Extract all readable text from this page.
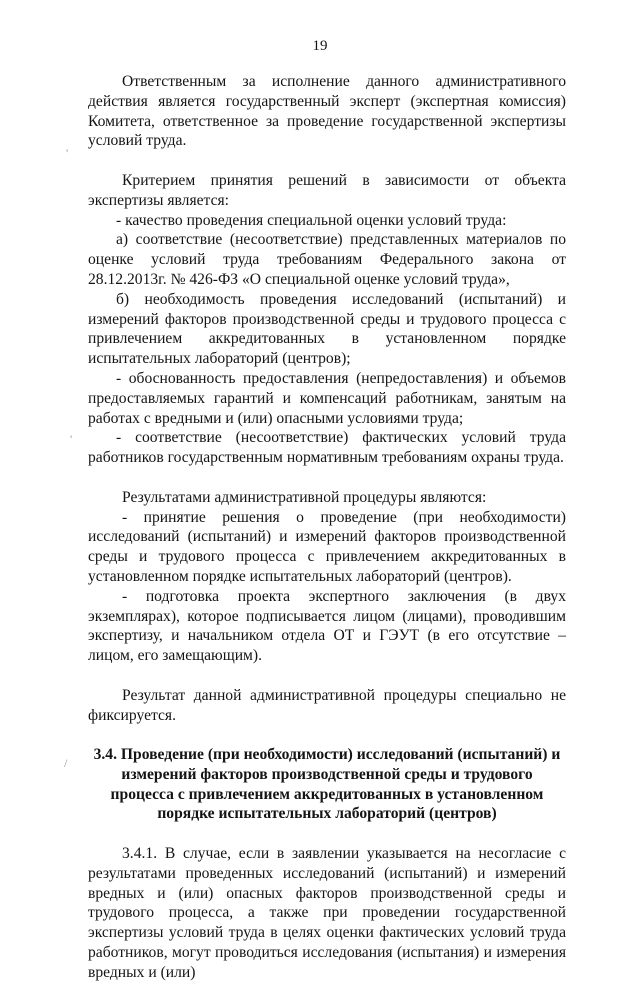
19
'
'
/

Ответственным за исполнение данного административного действия является государственный эксперт (экспертная комиссия) Комитета, ответственное за проведение государственной экспертизы условий труда.

Критерием принятия решений в зависимости от объекта экспертизы является:

- качество проведения специальной оценки условий труда:

а) соответствие (несоответствие) представленных материалов по оценке условий труда требованиям Федерального закона от 28.12.2013г. № 426-ФЗ «О специальной оценке условий труда»,

б) необходимость проведения исследований (испытаний) и измерений факторов производственной среды и трудового процесса с привлечением аккредитованных в установленном порядке испытательных лабораторий (центров);

- обоснованность предоставления (непредоставления) и объемов предоставляемых гарантий и компенсаций работникам, занятым на работах с вредными и (или) опасными условиями труда;

- соответствие (несоответствие) фактических условий труда работников государственным нормативным требованиям охраны труда.

Результатами административной процедуры являются:

- принятие решения о проведение (при необходимости) исследований (испытаний) и измерений факторов производственной среды и трудового процесса с привлечением аккредитованных в установленном порядке испытательных лабораторий (центров).

- подготовка проекта экспертного заключения (в двух экземплярах), которое подписывается лицом (лицами), проводившим экспертизу, и начальником отдела ОТ и ГЭУТ (в его отсутствие – лицом, его замещающим).

Результат данной административной процедуры специально не фиксируется.

3.4. Проведение (при необходимости) исследований (испытаний) и измерений факторов производственной среды и трудового процесса с привлечением аккредитованных в установленном порядке испытательных лабораторий (центров)

3.4.1. В случае, если в заявлении указывается на несогласие с результатами проведенных исследований (испытаний) и измерений вредных и (или) опасных факторов производственной среды и трудового процесса, а также при проведении государственной экспертизы условий труда в целях оценки фактических условий труда работников, могут проводиться исследования (испытания) и измерения вредных и (или)
